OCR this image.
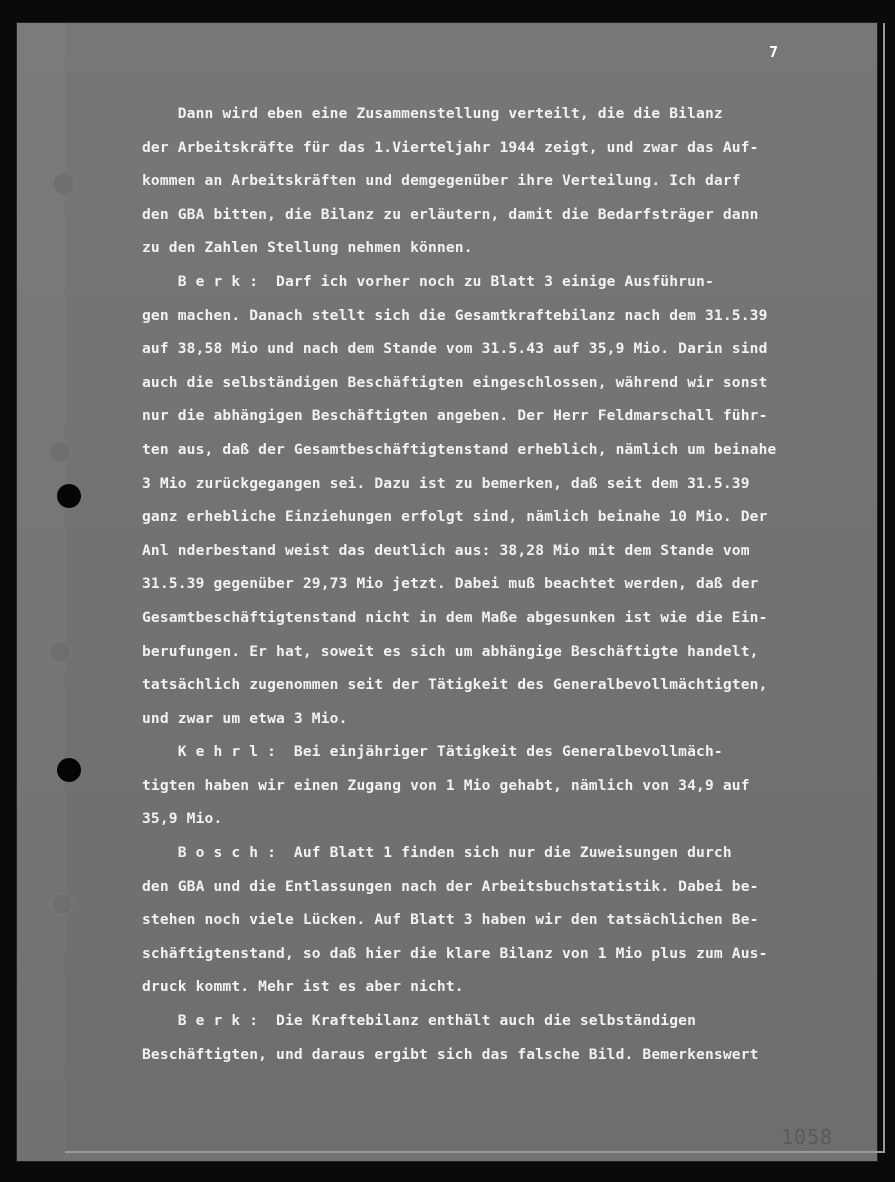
7
1058
Dann wird eben eine Zusammenstellung verteilt, die die Bilanz
der Arbeitskräfte für das 1.Vierteljahr 1944 zeigt, und zwar das Auf-
kommen an Arbeitskräften und demgegenüber ihre Verteilung. Ich darf
den GBA bitten, die Bilanz zu erläutern, damit die Bedarfsträger dann
zu den Zahlen Stellung nehmen können.
B e r k :  Darf ich vorher noch zu Blatt 3 einige Ausführun-
gen machen. Danach stellt sich die Gesamtkraftebilanz nach dem 31.5.39
auf 38,58 Mio und nach dem Stande vom 31.5.43 auf 35,9 Mio. Darin sind
auch die selbständigen Beschäftigten eingeschlossen, während wir sonst
nur die abhängigen Beschäftigten angeben. Der Herr Feldmarschall führ-
ten aus, daß der Gesamtbeschäftigtenstand erheblich, nämlich um beinahe
3 Mio zurückgegangen sei. Dazu ist zu bemerken, daß seit dem 31.5.39
ganz erhebliche Einziehungen erfolgt sind, nämlich beinahe 10 Mio. Der
Anl nderbestand weist das deutlich aus: 38,28 Mio mit dem Stande vom
31.5.39 gegenüber 29,73 Mio jetzt. Dabei muß beachtet werden, daß der
Gesamtbeschäftigtenstand nicht in dem Maße abgesunken ist wie die Ein-
berufungen. Er hat, soweit es sich um abhängige Beschäftigte handelt,
tatsächlich zugenommen seit der Tätigkeit des Generalbevollmächtigten,
und zwar um etwa 3 Mio.
K e h r l :  Bei einjähriger Tätigkeit des Generalbevollmäch-
tigten haben wir einen Zugang von 1 Mio gehabt, nämlich von 34,9 auf
35,9 Mio.
B o s c h :  Auf Blatt 1 finden sich nur die Zuweisungen durch
den GBA und die Entlassungen nach der Arbeitsbuchstatistik. Dabei be-
stehen noch viele Lücken. Auf Blatt 3 haben wir den tatsächlichen Be-
schäftigtenstand, so daß hier die klare Bilanz von 1 Mio plus zum Aus-
druck kommt. Mehr ist es aber nicht.
B e r k :  Die Kraftebilanz enthält auch die selbständigen
Beschäftigten, und daraus ergibt sich das falsche Bild. Bemerkenswert
